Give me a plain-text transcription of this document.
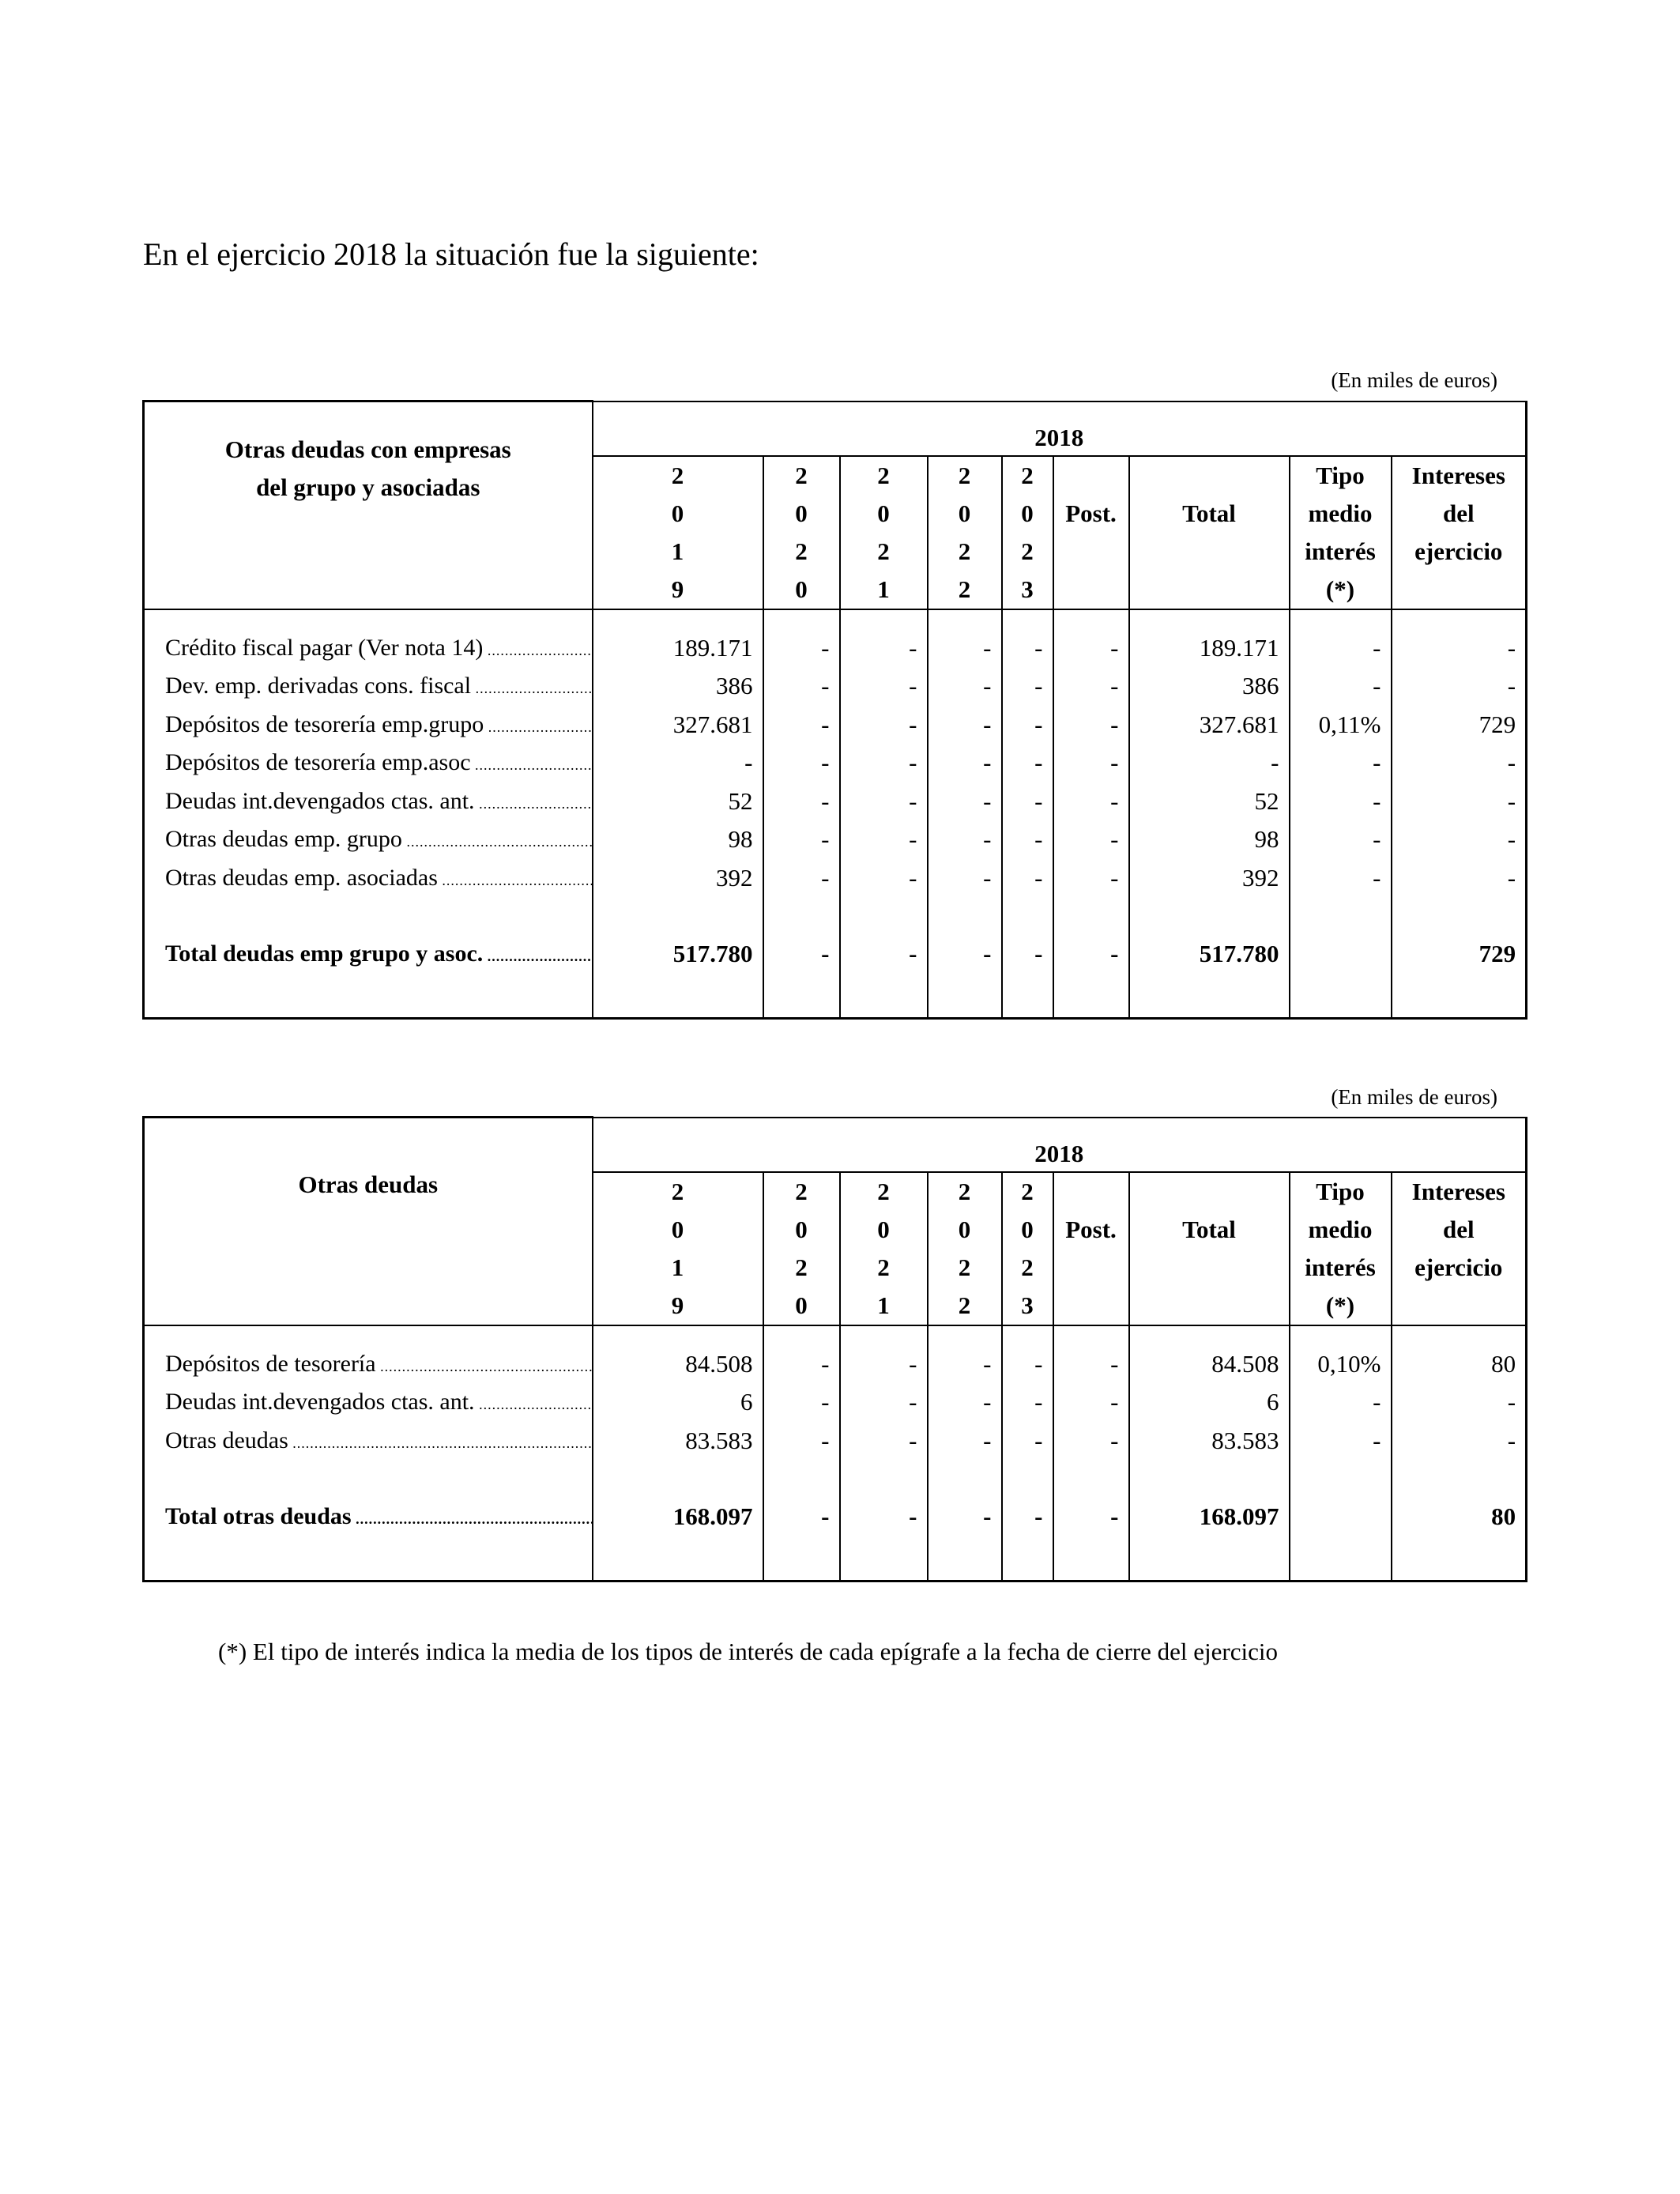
En el ejercicio 2018 la situación fue la siguiente:
(En miles de euros)
Otras deudas con empresas
del grupo y asociadas	2018								
	2	2	2	2	2			Tipo	Intereses
	0	0	0	0	0	Post.	Total	medio	del
	1	2	2	2	2			interés	ejercicio
	9	0	1	2	3			(*)	

Crédito fiscal pagar (Ver nota 14) .....	189.171	-	-	-	-	-	189.171	-	-

Dev. emp. derivadas cons. fiscal .....	386	-	-	-	-	-	386	-	-

Depósitos de tesorería emp.grupo .....	327.681	-	-	-	-	-	327.681	0,11%	729

Depósitos de tesorería emp.asoc .....	-	-	-	-	-	-	-	-	-

Deudas int.devengados ctas. ant. .....	52	-	-	-	-	-	52	-	-

Otras deudas emp. grupo .....	98	-	-	-	-	-	98	-	-

Otras deudas emp. asociadas .....	392	-	-	-	-	-	392	-	-

Total deudas emp grupo y asoc. .....	517.780	-	-	-	-	-	517.780		729

(En miles de euros)
Otras deudas	2018								
	2	2	2	2	2			Tipo	Intereses
	0	0	0	0	0	Post.	Total	medio	del
	1	2	2	2	2			interés	ejercicio
	9	0	1	2	3			(*)	

Depósitos de tesorería .....	84.508	-	-	-	-	-	84.508	0,10%	80

Deudas int.devengados ctas. ant. .....	6	-	-	-	-	-	6	-	-

Otras deudas .....	83.583	-	-	-	-	-	83.583	-	-

Total otras deudas .....	168.097	-	-	-	-	-	168.097		80

(*) El tipo de interés indica la media de los tipos de interés de cada epígrafe a la fecha de cierre del ejercicio
